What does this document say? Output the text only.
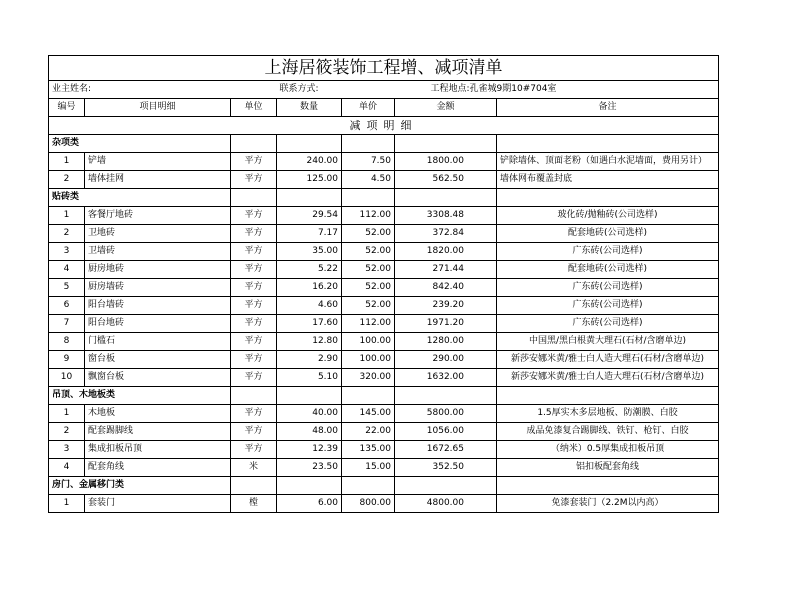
上海居筱装饰工程增、减项清单						
业主姓名:			联系方式:		工程地点:孔雀城9期10#704室	
编号	项目明细	单位	数量	单价	金额	备注
减项明细						
杂项类						
1	铲墙	平方	240.00	7.50	1800.00	铲除墙体、顶面老粉（如遇白水泥墙面，费用另计）
2	墙体挂网	平方	125.00	4.50	562.50	墙体网布覆盖封底
贴砖类						
1	客餐厅地砖	平方	29.54	112.00	3308.48	玻化砖/抛釉砖(公司选样)
2	卫地砖	平方	7.17	52.00	372.84	配套地砖(公司选样)
3	卫墙砖	平方	35.00	52.00	1820.00	广东砖(公司选样)
4	厨房地砖	平方	5.22	52.00	271.44	配套地砖(公司选样)
5	厨房墙砖	平方	16.20	52.00	842.40	广东砖(公司选样)
6	阳台墙砖	平方	4.60	52.00	239.20	广东砖(公司选样)
7	阳台地砖	平方	17.60	112.00	1971.20	广东砖(公司选样)
8	门槛石	平方	12.80	100.00	1280.00	中国黑/黑白根黄大理石(石材/含磨单边)
9	窗台板	平方	2.90	100.00	290.00	新莎安娜米黄/雅士白人造大理石(石材/含磨单边)
10	飘窗台板	平方	5.10	320.00	1632.00	新莎安娜米黄/雅士白人造大理石(石材/含磨单边)
吊顶、木地板类						
1	木地板	平方	40.00	145.00	5800.00	1.5厚实木多层地板、防潮膜、白胶
2	配套踢脚线	平方	48.00	22.00	1056.00	成品免漆复合踢脚线、铁钉、枪钉、白胶
3	集成扣板吊顶	平方	12.39	135.00	1672.65	（纳米）0.5厚集成扣板吊顶
4	配套角线	米	23.50	15.00	352.50	铝扣板配套角线
房门、金属移门类						
1	套装门	樘	6.00	800.00	4800.00	免漆套装门（2.2M以内高）
